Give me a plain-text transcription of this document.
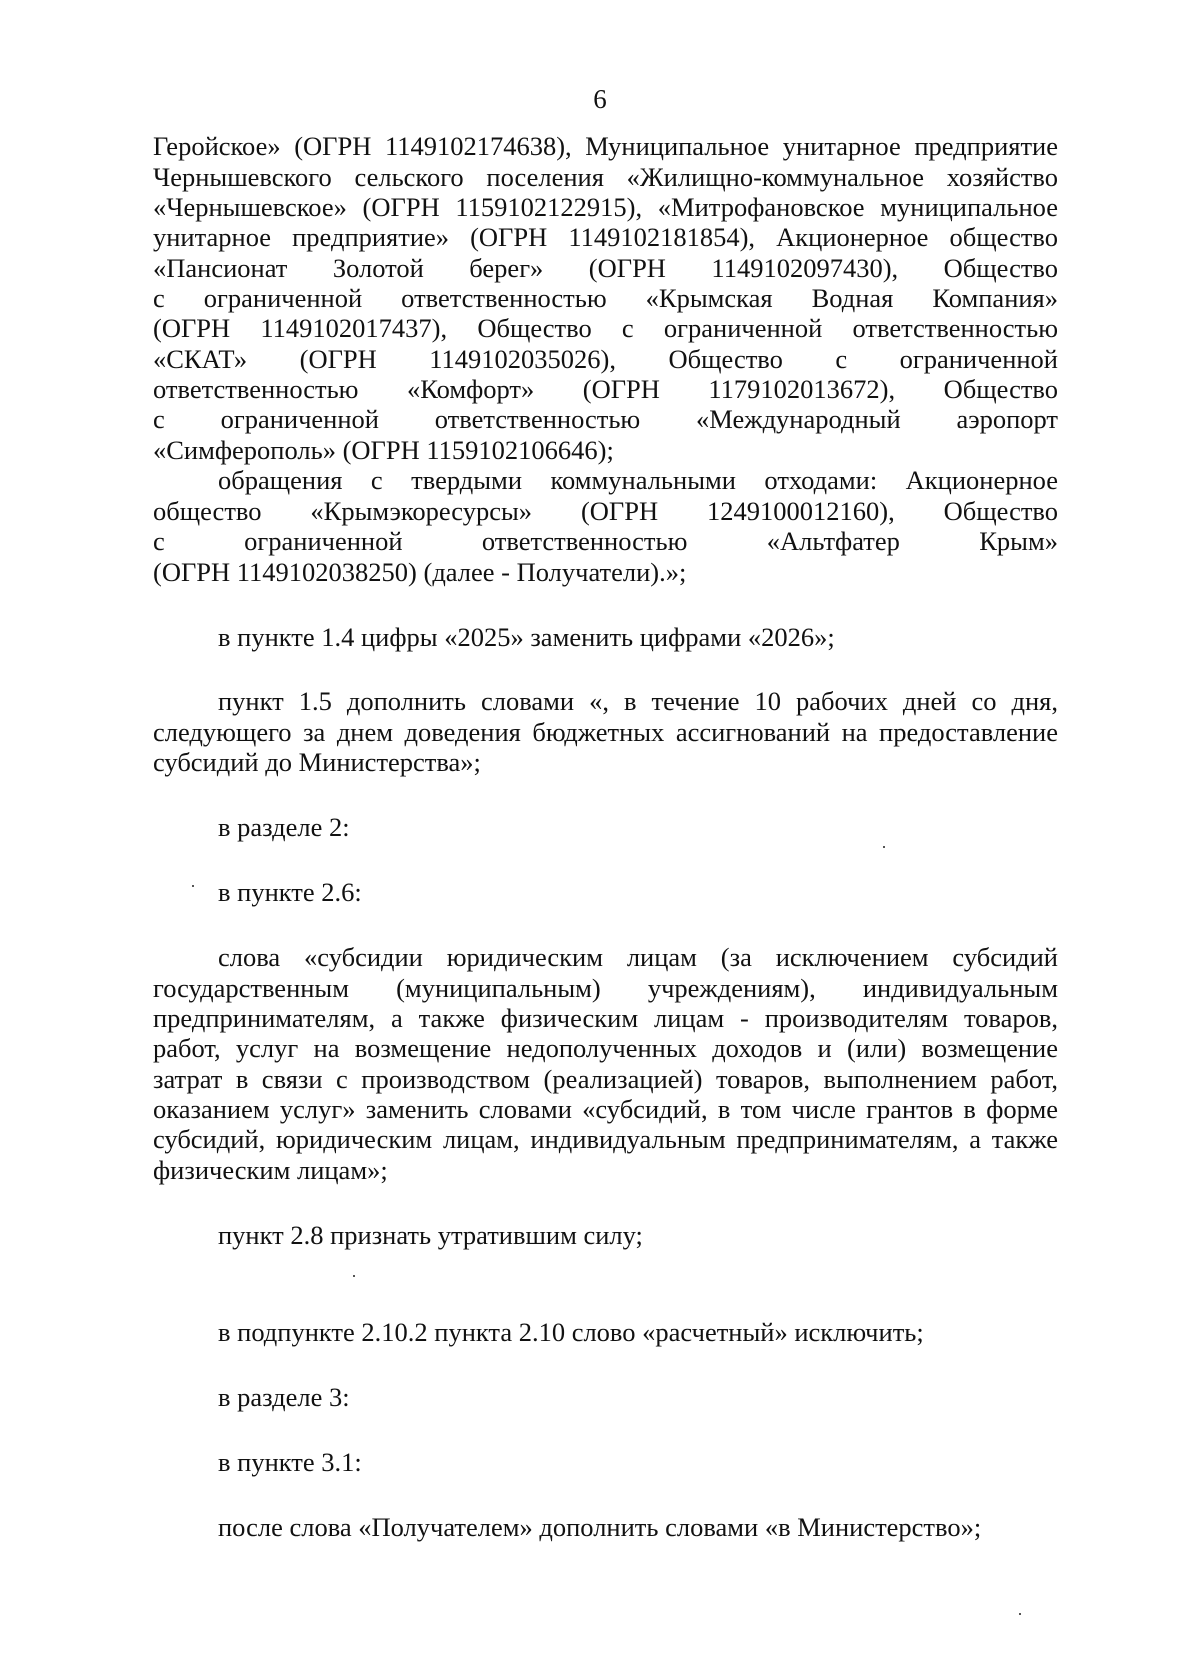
6
Геройское» (ОГРН 1149102174638), Муниципальное унитарное предприятие
Чернышевского сельского поселения «Жилищно-коммунальное хозяйство
«Чернышевское» (ОГРН 1159102122915), «Митрофановское муниципальное
унитарное предприятие» (ОГРН 1149102181854), Акционерное общество
«Пансионат Золотой берег» (ОГРН 1149102097430), Общество
с ограниченной ответственностью «Крымская Водная Компания»
(ОГРН 1149102017437), Общество с ограниченной ответственностью
«СКАТ» (ОГРН 1149102035026), Общество с ограниченной
ответственностью «Комфорт» (ОГРН 1179102013672), Общество
с ограниченной ответственностью «Международный аэропорт
«Симферополь» (ОГРН 1159102106646);
обращения с твердыми коммунальными отходами: Акционерное
общество «Крымэкоресурсы» (ОГРН 1249100012160), Общество
с ограниченной ответственностью «Альтфатер Крым»
(ОГРН 1149102038250) (далее - Получатели).»;
в пункте 1.4 цифры «2025» заменить цифрами «2026»;
пункт 1.5 дополнить словами «, в течение 10 рабочих дней со дня,
следующего за днем доведения бюджетных ассигнований на предоставление
субсидий до Министерства»;
в разделе 2:
в пункте 2.6:
слова «субсидии юридическим лицам (за исключением субсидий
государственным (муниципальным) учреждениям), индивидуальным
предпринимателям, а также физическим лицам - производителям товаров,
работ, услуг на возмещение недополученных доходов и (или) возмещение
затрат в связи с производством (реализацией) товаров, выполнением работ,
оказанием услуг» заменить словами «субсидий, в том числе грантов в форме
субсидий, юридическим лицам, индивидуальным предпринимателям, а также
физическим лицам»;
пункт 2.8 признать утратившим силу;
в подпункте 2.10.2 пункта 2.10 слово «расчетный» исключить;
в разделе 3:
в пункте 3.1:
после слова «Получателем» дополнить словами «в Министерство»;
